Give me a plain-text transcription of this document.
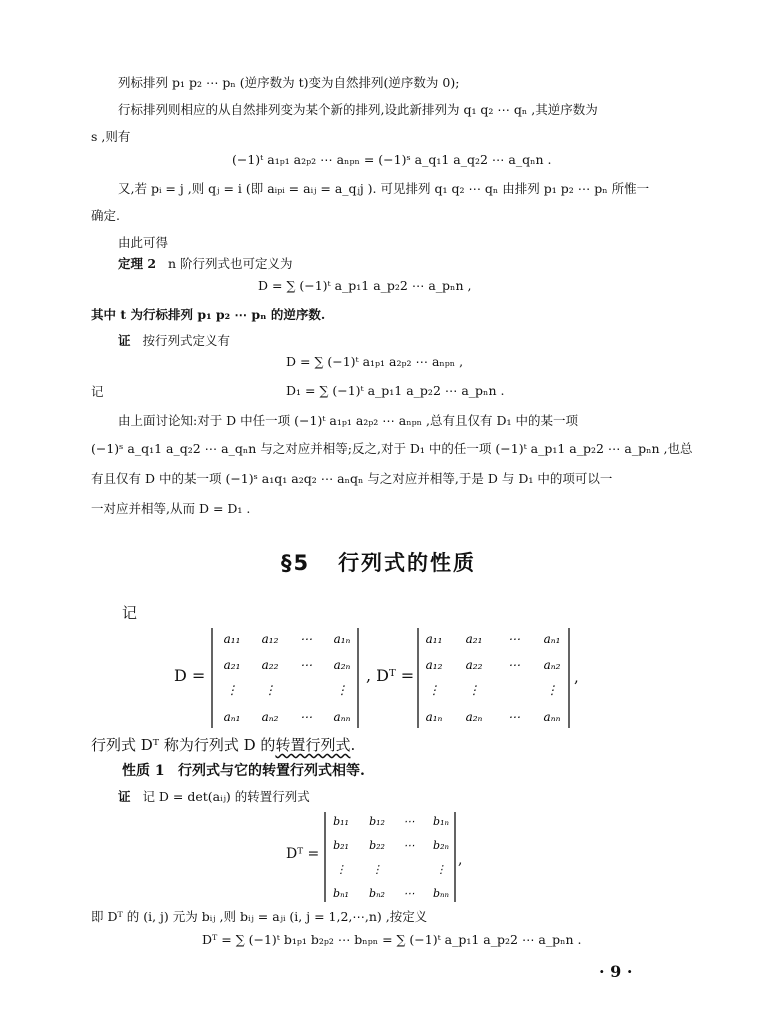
列标排列 p₁ p₂ ⋯ pₙ (逆序数为 t)变为自然排列(逆序数为 0);
行标排列则相应的从自然排列变为某个新的排列,设此新排列为 q₁ q₂ ⋯ qₙ ,其逆序数为
s ,则有
(−1)ᵗ a₁ₚ₁ a₂ₚ₂ ⋯ aₙₚₙ = (−1)ˢ a_q₁1 a_q₂2 ⋯ a_qₙn .
又,若 pᵢ = j ,则 qⱼ = i (即 aᵢₚᵢ = aᵢⱼ = a_qⱼj ). 可见排列 q₁ q₂ ⋯ qₙ 由排列 p₁ p₂ ⋯ pₙ 所惟一
确定.
由此可得
定理 2 n 阶行列式也可定义为
D = ∑ (−1)ᵗ a_p₁1 a_p₂2 ⋯ a_pₙn ,
其中 t 为行标排列 p₁ p₂ ⋯ pₙ 的逆序数.
证 按行列式定义有
D = ∑ (−1)ᵗ a₁ₚ₁ a₂ₚ₂ ⋯ aₙₚₙ ,
记	D₁ = ∑ (−1)ᵗ a_p₁1 a_p₂2 ⋯ a_pₙn .
由上面讨论知:对于 D 中任一项 (−1)ᵗ a₁ₚ₁ a₂ₚ₂ ⋯ aₙₚₙ ,总有且仅有 D₁ 中的某一项
(−1)ˢ a_q₁1 a_q₂2 ⋯ a_qₙn 与之对应并相等;反之,对于 D₁ 中的任一项 (−1)ᵗ a_p₁1 a_p₂2 ⋯ a_pₙn ,也总
有且仅有 D 中的某一项 (−1)ˢ a₁q₁ a₂q₂ ⋯ aₙqₙ 与之对应并相等,于是 D 与 D₁ 中的项可以一
一对应并相等,从而 D = D₁ .
§5 行列式的性质
记
D =
a₁₁ a₁₂ ⋯ a₁ₙ
a₂₁ a₂₂ ⋯ a₂ₙ
⋮ ⋮	⋮
aₙ₁ aₙ₂ ⋯ aₙₙ
, Dᵀ =
a₁₁ a₂₁ ⋯ aₙ₁
a₁₂ a₂₂ ⋯ aₙ₂
⋮ ⋮	⋮
a₁ₙ a₂ₙ ⋯ aₙₙ
,
行列式 Dᵀ 称为行列式 D 的转置行列式.
性质 1 行列式与它的转置行列式相等.
证 记 D = det(aᵢⱼ) 的转置行列式
Dᵀ =
b₁₁ b₁₂ ⋯ b₁ₙ
b₂₁ b₂₂ ⋯ b₂ₙ
⋮ ⋮	⋮
bₙ₁ bₙ₂ ⋯ bₙₙ
,
即 Dᵀ 的 (i, j) 元为 bᵢⱼ ,则 bᵢⱼ = aⱼᵢ (i, j = 1,2,⋯,n) ,按定义
Dᵀ = ∑ (−1)ᵗ b₁ₚ₁ b₂ₚ₂ ⋯ bₙₚₙ = ∑ (−1)ᵗ a_p₁1 a_p₂2 ⋯ a_pₙn .
· 9 ·
